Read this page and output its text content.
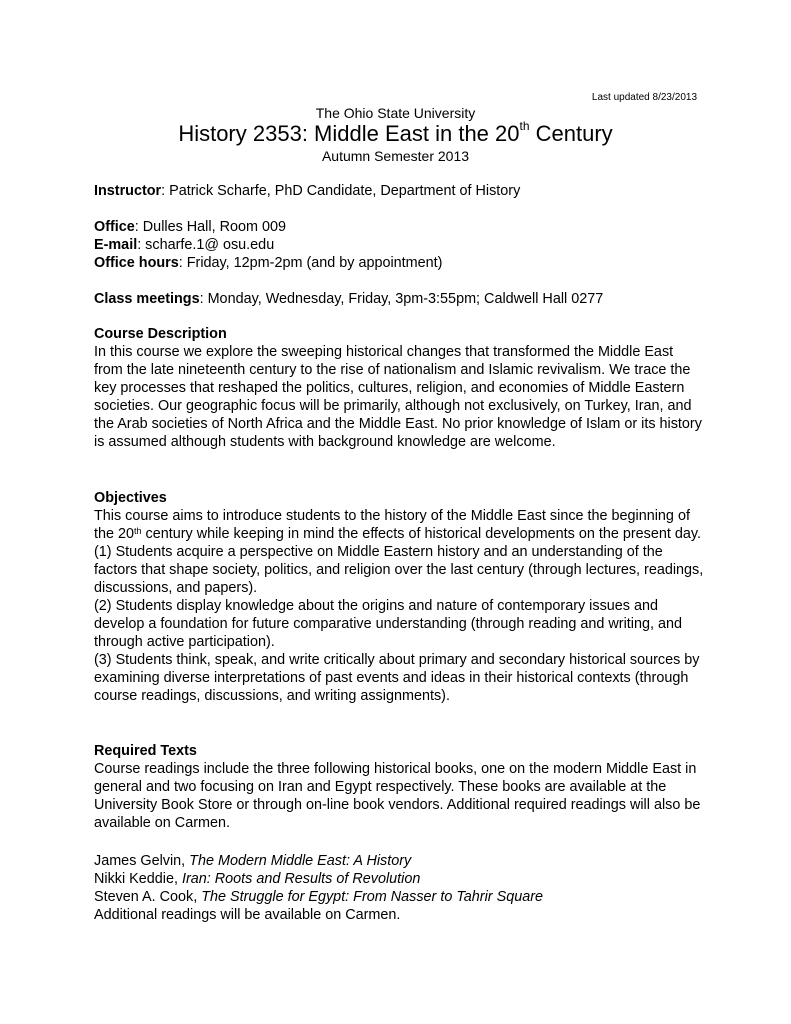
Last updated 8/23/2013
The Ohio State University
History 2353: Middle East in the 20th Century
Autumn Semester 2013
Instructor: Patrick Scharfe, PhD Candidate, Department of History

Office: Dulles Hall, Room 009

E-mail: scharfe.1@ osu.edu

Office hours: Friday, 12pm-2pm (and by appointment)

Class meetings: Monday, Wednesday, Friday, 3pm-3:55pm; Caldwell Hall 0277

Course Description

In this course we explore the sweeping historical changes that transformed the Middle East from the late nineteenth century to the rise of nationalism and Islamic revivalism. We trace the key processes that reshaped the politics, cultures, religion, and economies of Middle Eastern societies. Our geographic focus will be primarily, although not exclusively, on Turkey, Iran, and the Arab societies of North Africa and the Middle East. No prior knowledge of Islam or its history is assumed although students with background knowledge are welcome.

Objectives

This course aims to introduce students to the history of the Middle East since the beginning of the 20th century while keeping in mind the effects of historical developments on the present day.

(1) Students acquire a perspective on Middle Eastern history and an understanding of the factors that shape society, politics, and religion over the last century (through lectures, readings, discussions, and papers).

(2) Students display knowledge about the origins and nature of contemporary issues and develop a foundation for future comparative understanding (through reading and writing, and through active participation).

(3) Students think, speak, and write critically about primary and secondary historical sources by examining diverse interpretations of past events and ideas in their historical contexts (through course readings, discussions, and writing assignments).

Required Texts

Course readings include the three following historical books, one on the modern Middle East in general and two focusing on Iran and Egypt respectively. These books are available at the University Book Store or through on-line book vendors. Additional required readings will also be available on Carmen.

James Gelvin, The Modern Middle East: A History

Nikki Keddie, Iran: Roots and Results of Revolution

Steven A. Cook, The Struggle for Egypt: From Nasser to Tahrir Square

Additional readings will be available on Carmen.
